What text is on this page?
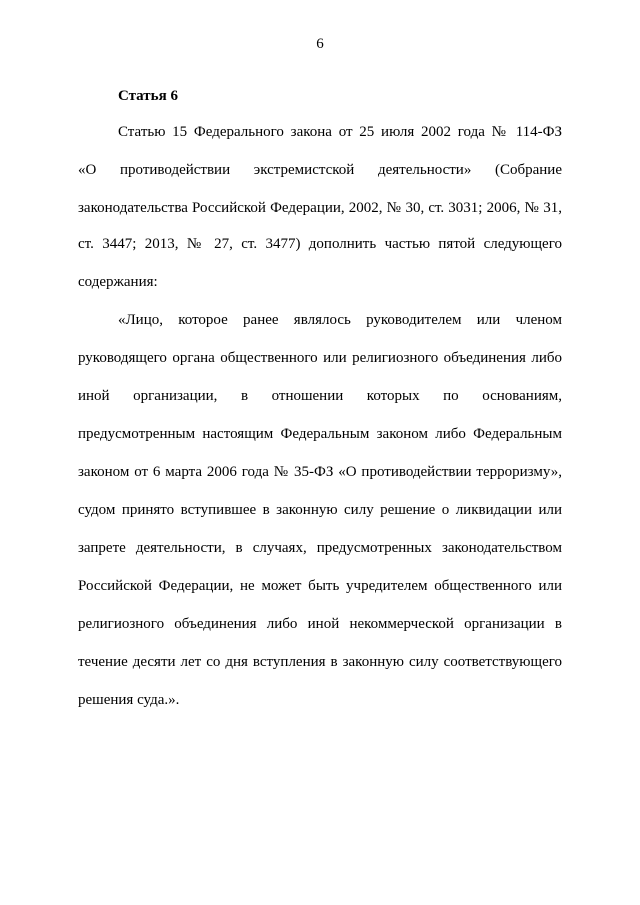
6
Статья 6
Статью 15 Федерального закона от 25 июля 2002 года № 114-ФЗ
«О противодействии экстремистской деятельности» (Собрание
законодательства Российской Федерации, 2002, № 30, ст. 3031; 2006, № 31,
ст. 3447; 2013, № 27, ст. 3477) дополнить частью пятой следующего
содержания:
«Лицо, которое ранее являлось руководителем или членом
руководящего органа общественного или религиозного объединения либо
иной организации, в отношении которых по основаниям,
предусмотренным настоящим Федеральным законом либо Федеральным
законом от 6 марта 2006 года № 35-ФЗ «О противодействии терроризму»,
судом принято вступившее в законную силу решение о ликвидации или
запрете деятельности, в случаях, предусмотренных законодательством
Российской Федерации, не может быть учредителем общественного или
религиозного объединения либо иной некоммерческой организации в
течение десяти лет со дня вступления в законную силу соответствующего
решения суда.».
